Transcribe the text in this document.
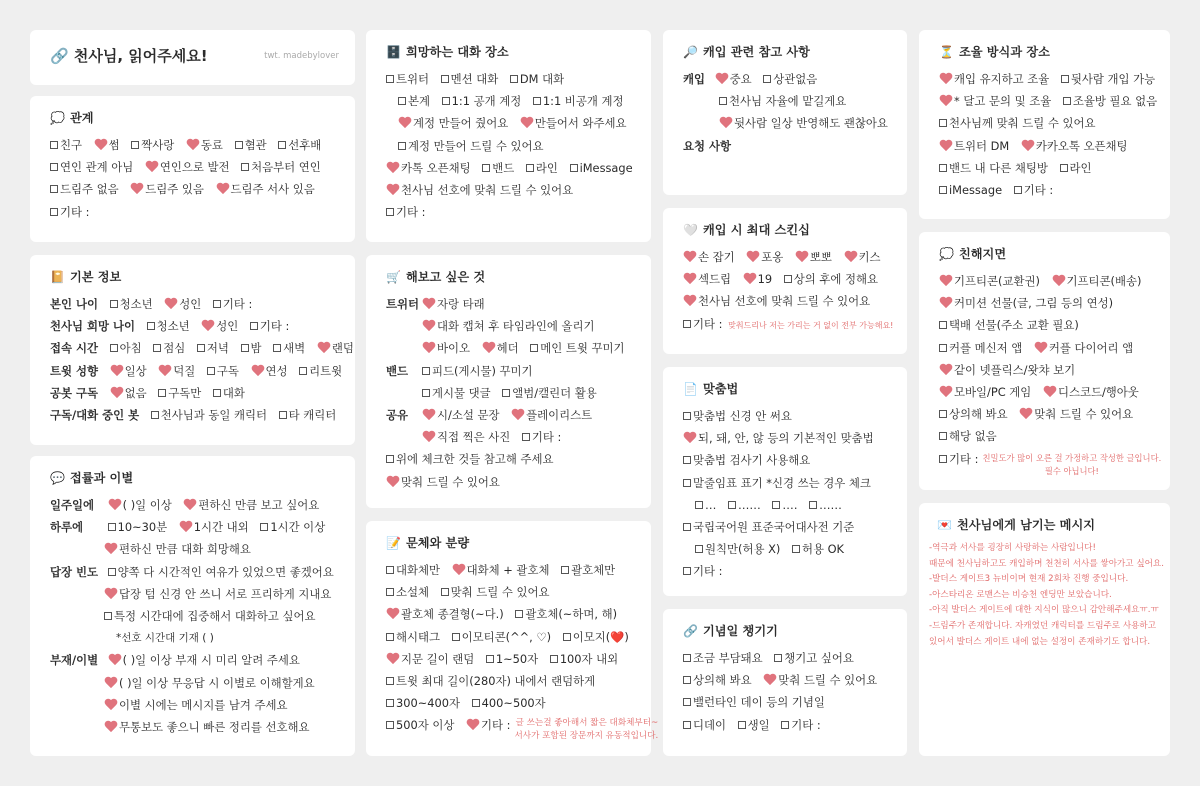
🔗 천사님, 읽어주세요!	twt. madebylover
💭 관계
친구 썸 짝사랑 동료 혐관 선후배
연인 관계 아님 연인으로 발전 처음부터 연인
드림주 없음 드림주 있음 드림주 서사 있음
기타 :
📔 기본 정보
본인 나이 청소년 성인 기타 :
천사님 희망 나이 청소년 성인 기타 :
접속 시간 아침 점심 저녁 밤 새벽 랜덤
트윗 성향 일상 덕질 구독 연성 리트윗
공봇 구독 없음 구독만 대화
구독/대화 중인 봇 천사님과 동일 캐릭터 타 캐릭터
💬 접률과 이별
일주일에	( )일 이상 편하신 만큼 보고 싶어요
하루에	10~30분 1시간 내외 1시간 이상
편하신 만큼 대화 희망해요
답장 빈도 양쪽 다 시간적인 여유가 있었으면 좋겠어요
답장 텀 신경 안 쓰니 서로 프리하게 지내요
특정 시간대에 집중해서 대화하고 싶어요
*선호 시간대 기재 ( )
부재/이별 ( )일 이상 부재 시 미리 알려 주세요
( )일 이상 무응답 시 이별로 이해할게요
이별 시에는 메시지를 남겨 주세요
무통보도 좋으니 빠른 정리를 선호해요
🗄️ 희망하는 대화 장소
트위터 멘션 대화 DM 대화
본계 1:1 공개 계정 1:1 비공개 계정
계정 만들어 줬어요 만들어서 와주세요
계정 만들어 드릴 수 있어요
카톡 오픈채팅 밴드 라인 iMessage
천사님 선호에 맞춰 드릴 수 있어요
기타 :
🛒 해보고 싶은 것
트위터 자랑 타래
대화 캡쳐 후 타임라인에 올리기
바이오 헤더 메인 트윗 꾸미기
밴드 피드(게시물) 꾸미기
게시물 댓글 앨범/캘린더 활용
공유	시/소설 문장 플레이리스트
직접 찍은 사진 기타 :
위에 체크한 것들 참고해 주세요
맞춰 드릴 수 있어요
📝 문체와 분량
대화체만 대화체 + 괄호체 괄호체만
소설체 맞춰 드릴 수 있어요
괄호체 종결형(~다.) 괄호체(~하며, 해)
해시태그 이모티콘(^^, ♡) 이모지(❤️)
지문 길이 랜덤 1~50자 100자 내외
트윗 최대 길이(280자) 내에서 랜덤하게
300~400자 400~500자
500자 이상 기타 : 글 쓰는걸 좋아해서 짧은 대화체부터~
서사가 포함된 장문까지 유동적입니다.
🔎 캐입 관련 참고 사항
캐입 중요 상관없음
천사님 자율에 맡길게요
뒷사람 일상 반영해도 괜찮아요
요청 사항
🤍 캐입 시 최대 스킨십
손 잡기 포옹 뽀뽀 키스
섹드립 19 상의 후에 정해요
천사님 선호에 맞춰 드릴 수 있어요
기타 : 맞춰드리나 저는 가리는 거 없이 전부 가능해요!
📄 맞춤법
맞춤법 신경 안 써요
되, 돼, 안, 않 등의 기본적인 맞춤법
맞춤법 검사기 사용해요
말줄임표 표기 *신경 쓰는 경우 체크
… …… …. ……
국립국어원 표준국어대사전 기준
원칙만(허용 X) 허용 OK
기타 :
🔗 기념일 챙기기
조금 부담돼요 챙기고 싶어요
상의해 봐요 맞춰 드릴 수 있어요
밸런타인 데이 등의 기념일
디데이 생일 기타 :
⏳ 조율 방식과 장소
캐입 유지하고 조율 뒷사람 개입 가능
* 달고 문의 및 조율 조율방 필요 없음
천사님께 맞춰 드릴 수 있어요
트위터 DM 카카오톡 오픈채팅
밴드 내 다른 채팅방 라인
iMessage 기타 :
💭 친해지면
기프티콘(교환권) 기프티콘(배송)
커미션 선물(글, 그림 등의 연성)
택배 선물(주소 교환 필요)
커플 메신저 앱 커플 다이어리 앱
같이 넷플릭스/왓챠 보기
모바일/PC 게임 디스코드/행아웃
상의해 봐요 맞춰 드릴 수 있어요
해당 없음
기타 : 친밀도가 많이 오른 걸 가정하고 작성한 글입니다.
필수 아닙니다!
💌 천사님에게 남기는 메시지
-역극과 서사를 굉장히 사랑하는 사람입니다!
때문에 천사님하고도 캐입하며 천천히 서사를 쌓아가고 싶어요.
-발더스 게이트3 뉴비이며 현재 2회차 진행 중입니다.
-아스타리온 로맨스는 비승천 엔딩만 보았습니다.
-아직 발더스 게이트에 대한 지식이 많으니 감안해주세요ㅠ.ㅠ
-드림주가 존재합니다. 자캐였던 캐릭터를 드림주로 사용하고
있어서 발더스 게이트 내에 없는 설정이 존재하기도 합니다.
